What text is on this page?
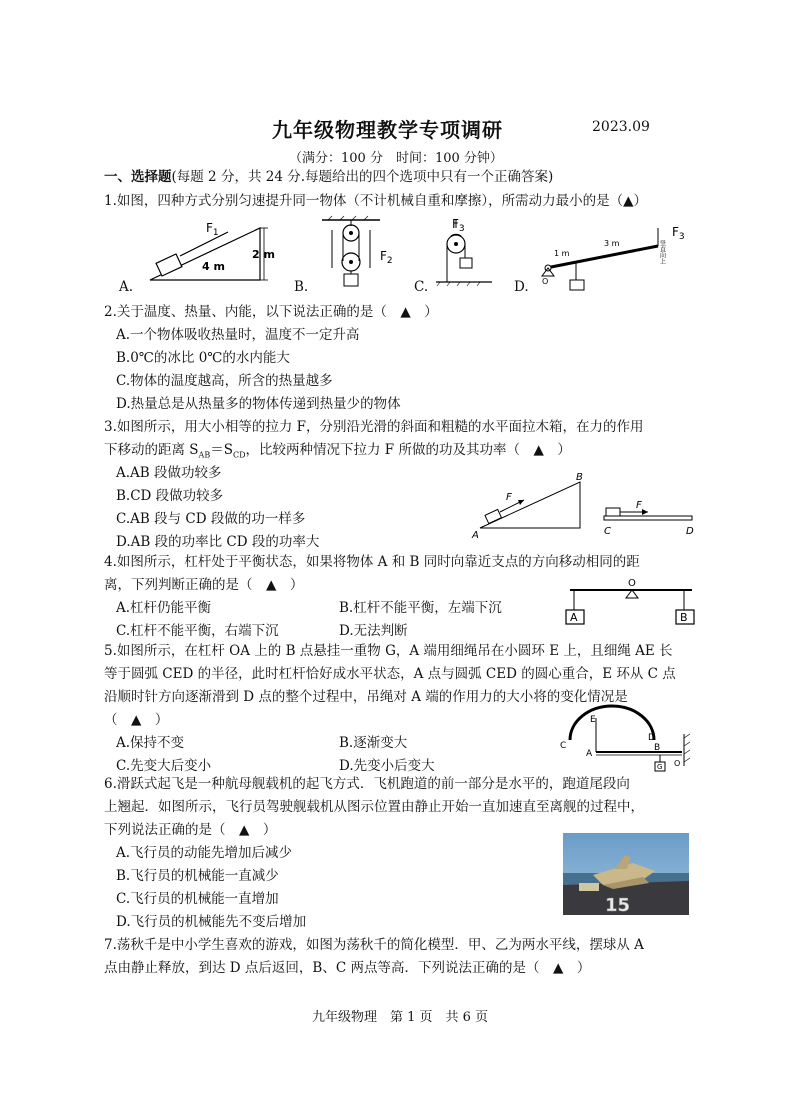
九年级物理教学专项调研	2023.09
（满分：100 分　时间：100 分钟）
一、选择题(每题 2 分，共 24 分.每题给出的四个选项中只有一个正确答案)
1.如图，四种方式分别匀速提升同一物体（不计机械自重和摩擦），所需动力最小的是（▲）
A.	B.	C.	D.
$F_1$
4 m
2 m	$F_2$
$F_3$
1 m
3 m
O
竖直向上
$F_3$
2.关于温度、热量、内能，以下说法正确的是（　▲　）
A.一个物体吸收热量时，温度不一定升高
B.0℃的冰比 0℃的水内能大
C.物体的温度越高，所含的热量越多
D.热量总是从热量多的物体传递到热量少的物体
3.如图所示，用大小相等的拉力 F，分别沿光滑的斜面和粗糙的水平面拉木箱，在力的作用
下移动的距离 $S_{AB}=S_{CD}$，比较两种情况下拉力 F 所做的功及其功率（　▲　）
A.AB 段做功较多
B.CD 段做功较多
C.AB 段与 CD 段做的功一样多
D.AB 段的功率比 CD 段的功率大
F
A
B
F
C	D
4.如图所示，杠杆处于平衡状态，如果将物体 A 和 B 同时向靠近支点的方向移动相同的距
离，下列判断正确的是（　▲　）
A.杠杆仍能平衡	B.杠杆不能平衡，左端下沉
C.杠杆不能平衡，右端下沉	D.无法判断
O
A	B
5.如图所示，在杠杆 OA 上的 B 点悬挂一重物 G，A 端用细绳吊在小圆环 E 上，且细绳 AE 长
等于圆弧 CED 的半径，此时杠杆恰好成水平状态，A 点与圆弧 CED 的圆心重合，E 环从 C 点
沿顺时针方向逐渐滑到 D 点的整个过程中，吊绳对 A 端的作用力的大小将的变化情况是
（　▲　）
A.保持不变	B.逐渐变大
C.先变大后变小	D.先变小后变大
C
E
D
A
B
G O
6.滑跃式起飞是一种航母舰载机的起飞方式．飞机跑道的前一部分是水平的，跑道尾段向
上翘起．如图所示，飞行员驾驶舰载机从图示位置由静止开始一直加速直至离舰的过程中，
下列说法正确的是（　▲　）
A.飞行员的动能先增加后减少
B.飞行员的机械能一直减少
C.飞行员的机械能一直增加
D.飞行员的机械能先不变后增加
15
7.荡秋千是中小学生喜欢的游戏，如图为荡秋千的简化模型．甲、乙为两水平线，摆球从 A
点由静止释放，到达 D 点后返回，B、C 两点等高．下列说法正确的是（　▲　）
九年级物理　第 1 页　共 6 页
